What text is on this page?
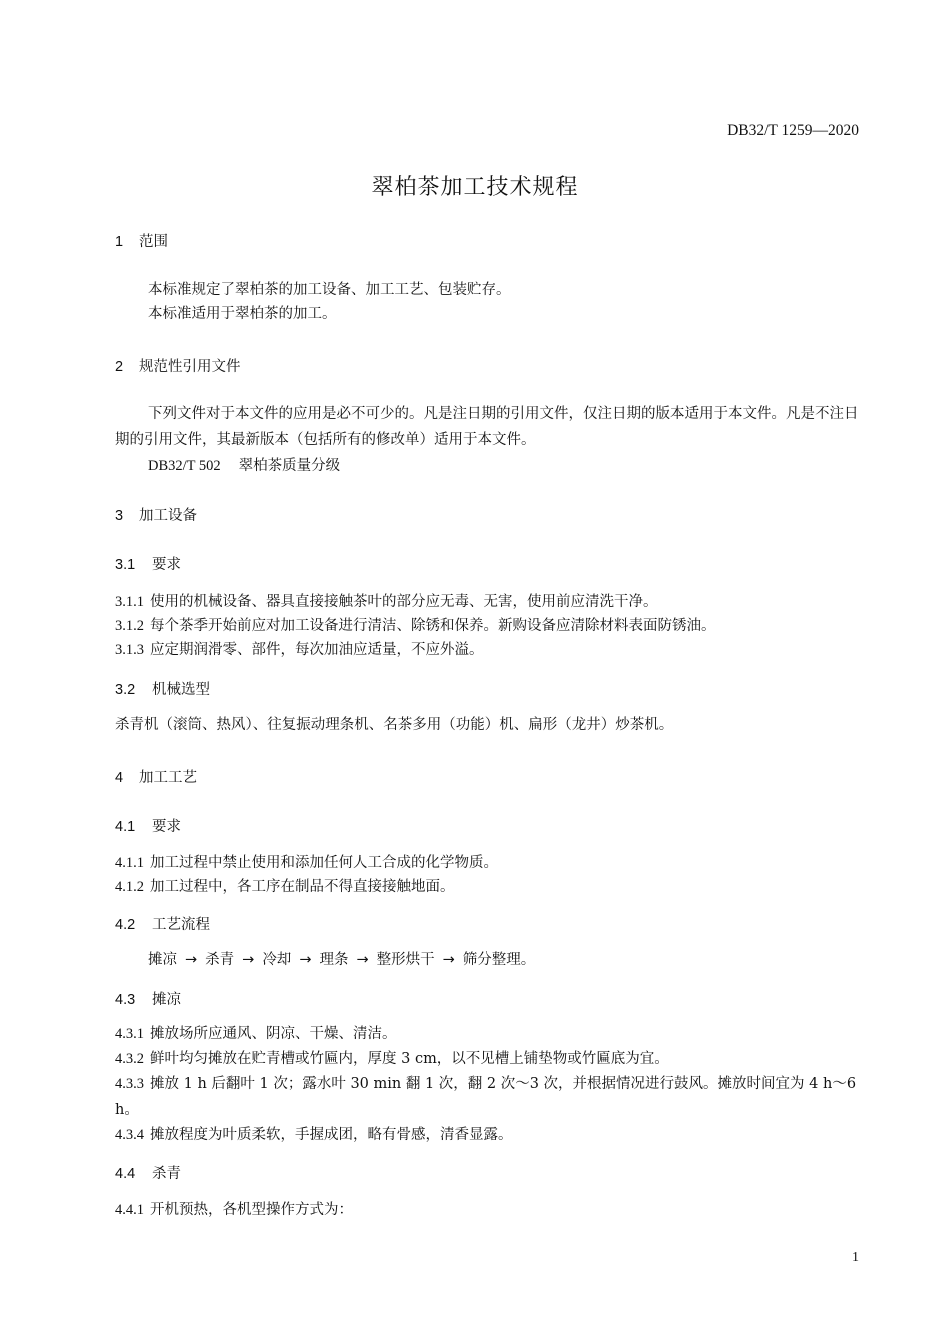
DB32/T 1259—2020
翠柏茶加工技术规程
1 范围
本标准规定了翠柏茶的加工设备、加工工艺、包装贮存。
本标准适用于翠柏茶的加工。
2 规范性引用文件
下列文件对于本文件的应用是必不可少的。凡是注日期的引用文件，仅注日期的版本适用于本文件。凡是不注日期的引用文件，其最新版本（包括所有的修改单）适用于本文件。
DB32/T 502 翠柏茶质量分级
3 加工设备
3.1 要求
3.1.1 使用的机械设备、器具直接接触茶叶的部分应无毒、无害，使用前应清洗干净。
3.1.2 每个茶季开始前应对加工设备进行清洁、除锈和保养。新购设备应清除材料表面防锈油。
3.1.3 应定期润滑零、部件，每次加油应适量，不应外溢。
3.2 机械选型
杀青机（滚筒、热风）、往复振动理条机、名茶多用（功能）机、扁形（龙井）炒茶机。
4 加工工艺
4.1 要求
4.1.1 加工过程中禁止使用和添加任何人工合成的化学物质。
4.1.2 加工过程中，各工序在制品不得直接接触地面。
4.2 工艺流程
摊凉 → 杀青 → 冷却 → 理条 → 整形烘干 → 筛分整理。
4.3 摊凉
4.3.1 摊放场所应通风、阴凉、干燥、清洁。
4.3.2 鲜叶均匀摊放在贮青槽或竹匾内，厚度 3 cm，以不见槽上铺垫物或竹匾底为宜。
4.3.3 摊放 1 h 后翻叶 1 次；露水叶 30 min 翻 1 次，翻 2 次～3 次，并根据情况进行鼓风。摊放时间宜为 4 h～6 h。
4.3.4 摊放程度为叶质柔软，手握成团，略有骨感，清香显露。
4.4 杀青
4.4.1 开机预热，各机型操作方式为：
1
